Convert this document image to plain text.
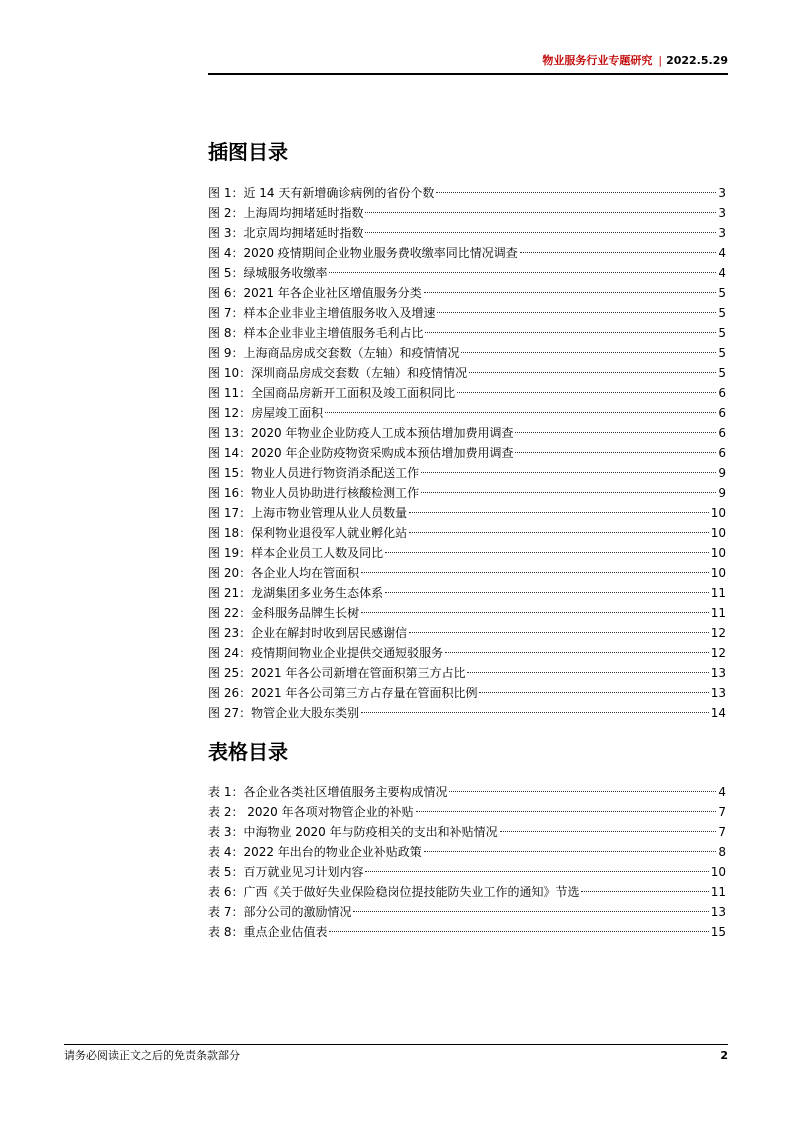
物业服务行业专题研究 | 2022.5.29
插图目录
图 1：近 14 天有新增确诊病例的省份个数	3
图 2：上海周均拥堵延时指数	3
图 3：北京周均拥堵延时指数	3
图 4：2020 疫情期间企业物业服务费收缴率同比情况调查	4
图 5：绿城服务收缴率	4
图 6：2021 年各企业社区增值服务分类	5
图 7：样本企业非业主增值服务收入及增速	5
图 8：样本企业非业主增值服务毛利占比	5
图 9：上海商品房成交套数（左轴）和疫情情况	5
图 10：深圳商品房成交套数（左轴）和疫情情况	5
图 11：全国商品房新开工面积及竣工面积同比	6
图 12：房屋竣工面积	6
图 13：2020 年物业企业防疫人工成本预估增加费用调查	6
图 14：2020 年企业防疫物资采购成本预估增加费用调查	6
图 15：物业人员进行物资消杀配送工作	9
图 16：物业人员协助进行核酸检测工作	9
图 17：上海市物业管理从业人员数量	10
图 18：保利物业退役军人就业孵化站	10
图 19：样本企业员工人数及同比	10
图 20：各企业人均在管面积	10
图 21：龙湖集团多业务生态体系	11
图 22：金科服务品牌生长树	11
图 23：企业在解封时收到居民感谢信	12
图 24：疫情期间物业企业提供交通短驳服务	12
图 25：2021 年各公司新增在管面积第三方占比	13
图 26：2021 年各公司第三方占存量在管面积比例	13
图 27：物管企业大股东类别	14
表格目录
表 1：各企业各类社区增值服务主要构成情况	4
表 2： 2020 年各项对物管企业的补贴	7
表 3：中海物业 2020 年与防疫相关的支出和补贴情况	7
表 4：2022 年出台的物业企业补贴政策	8
表 5：百万就业见习计划内容	10
表 6：广西《关于做好失业保险稳岗位提技能防失业工作的通知》节选	11
表 7：部分公司的激励情况	13
表 8：重点企业估值表	15
请务必阅读正文之后的免责条款部分	2
